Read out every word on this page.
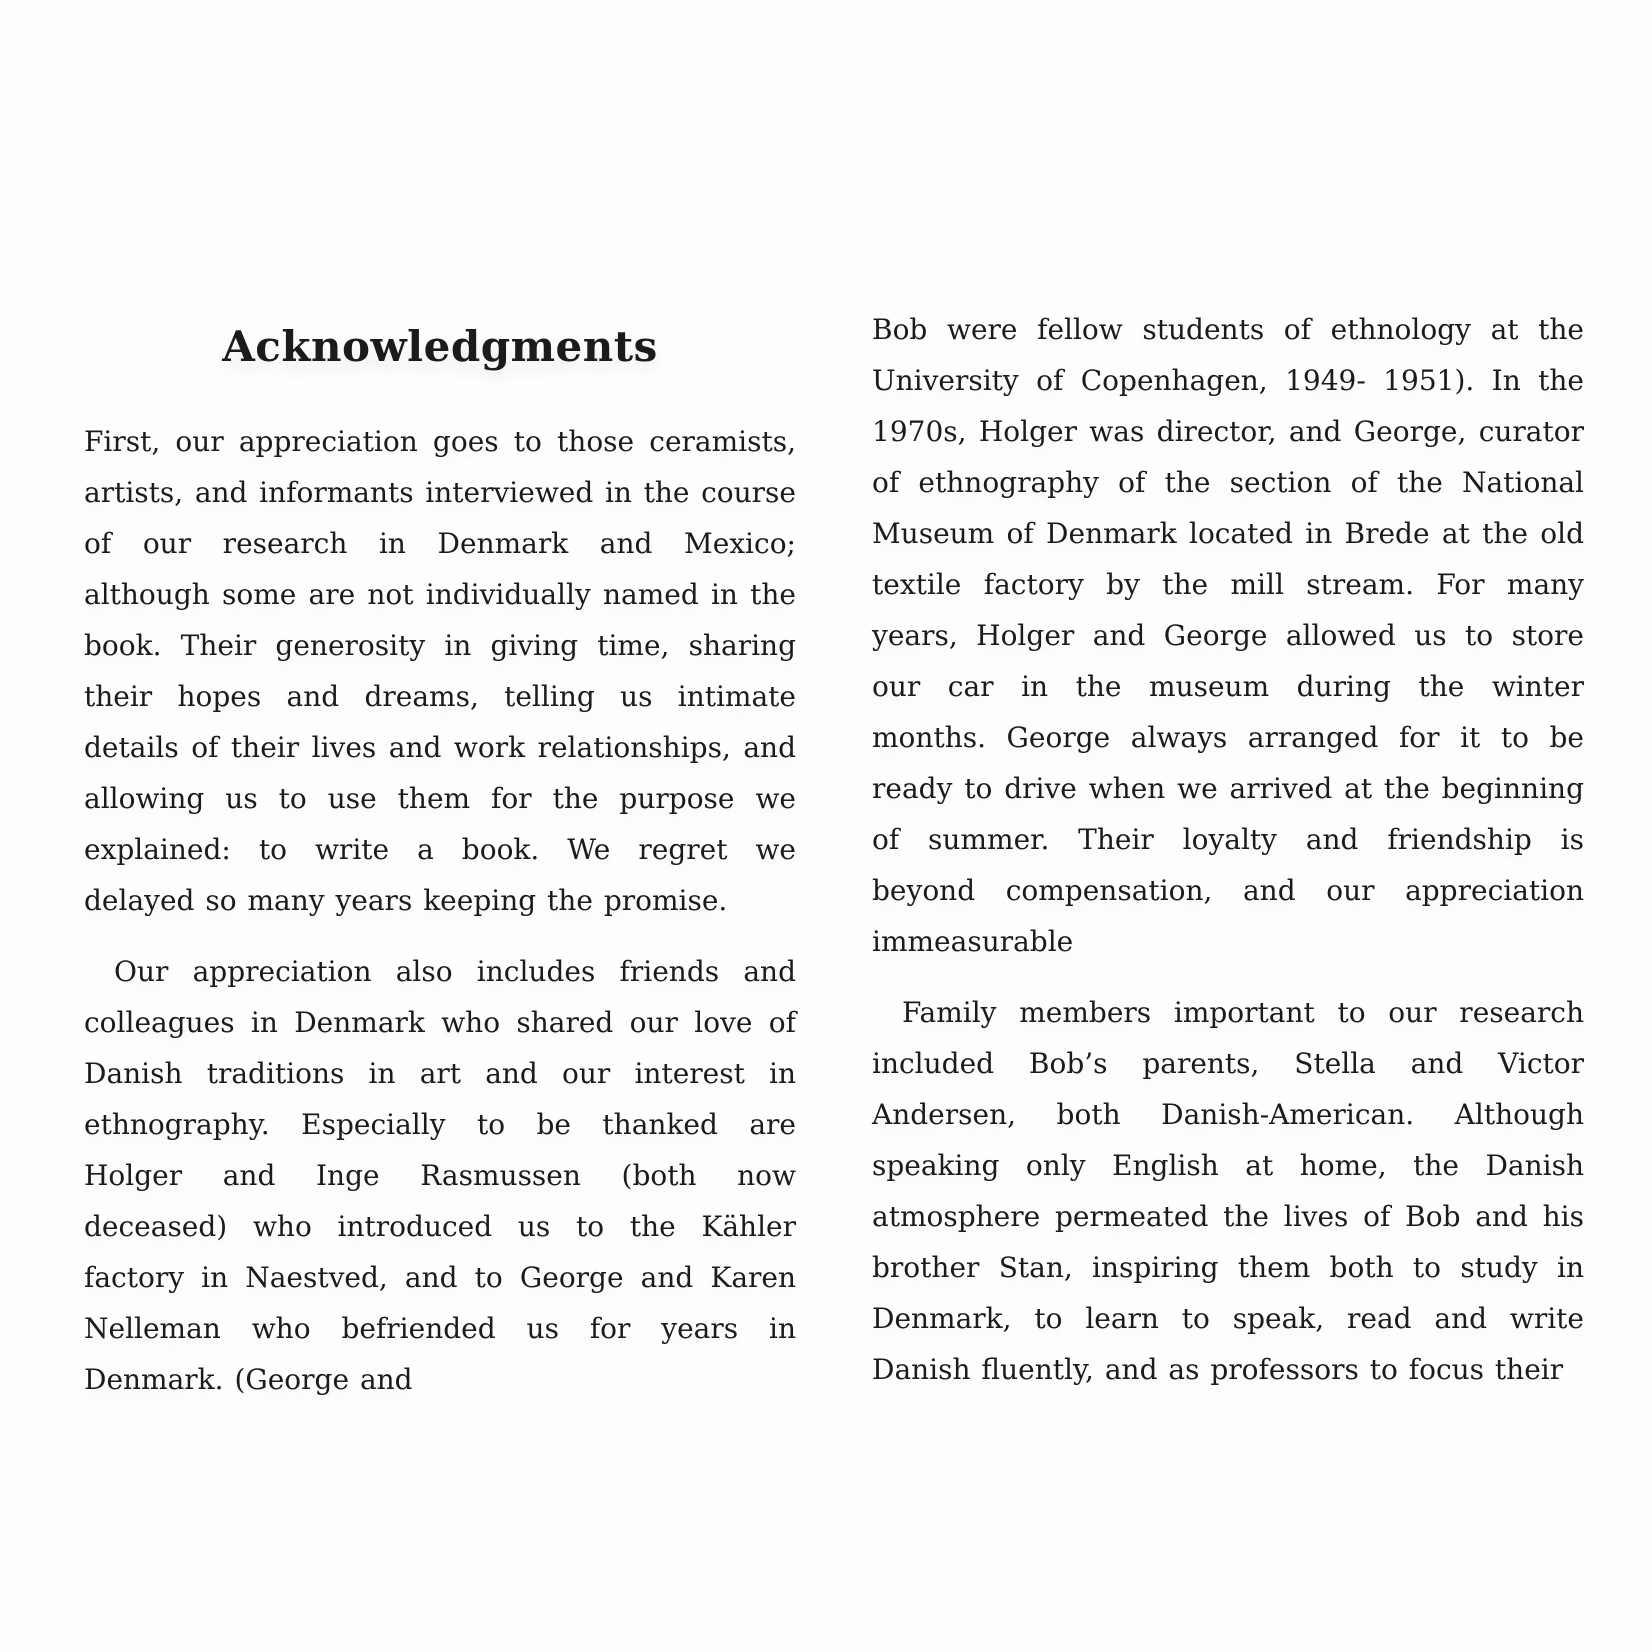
Acknowledgments

First, our appreciation goes to those ceramists, artists, and informants interviewed in the course of our research in Denmark and Mexico; although some are not individually named in the book. Their generosity in giving time, sharing their hopes and dreams, telling us intimate details of their lives and work relationships, and allowing us to use them for the purpose we explained: to write a book. We regret we delayed so many years keeping the promise.

Our appreciation also includes friends and colleagues in Denmark who shared our love of Danish traditions in art and our interest in ethnography. Especially to be thanked are Holger and Inge Rasmussen (both now deceased) who introduced us to the Kähler factory in Naestved, and to George and Karen Nelleman who befriended us for years in Denmark. (George and

Bob were fellow students of ethnology at the University of Copenhagen, 1949- 1951). In the 1970s, Holger was director, and George, curator of ethnography of the section of the National Museum of Denmark located in Brede at the old textile factory by the mill stream. For many years, Holger and George allowed us to store our car in the museum during the winter months. George always arranged for it to be ready to drive when we arrived at the beginning of summer. Their loyalty and friendship is beyond compensation, and our appreciation immeasurable

Family members important to our research included Bob’s parents, Stella and Victor Andersen, both Danish-American. Although speaking only English at home, the Danish atmosphere permeated the lives of Bob and his brother Stan, inspiring them both to study in Denmark, to learn to speak, read and write Danish fluently, and as professors to focus their
